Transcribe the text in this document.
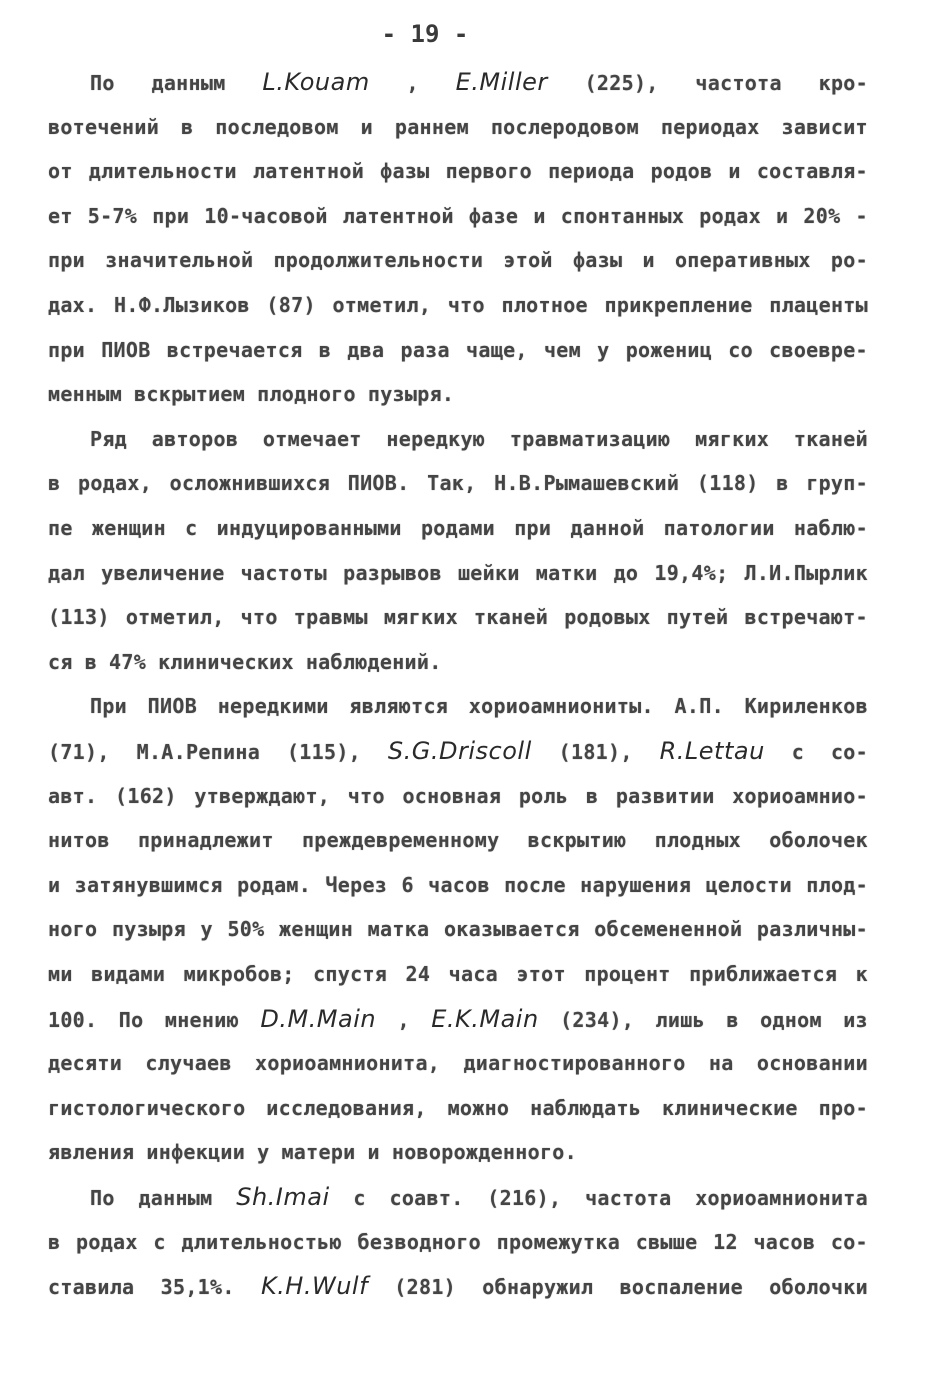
- 19 -
По данным L.Kouam , E.Miller (225), частота кро-
вотечений в последовом и раннем послеродовом периодах зависит
от длительности латентной фазы первого периода родов и составля-
ет 5-7% при 10-часовой латентной фазе и спонтанных родах и 20% -
при значительной продолжительности этой фазы и оперативных ро-
дах. Н.Ф.Лызиков (87) отметил, что плотное прикрепление плаценты
при ПИОВ встречается в два раза чаще, чем у рожениц со своевре-
менным вскрытием плодного пузыря.
Ряд авторов отмечает нередкую травматизацию мягких тканей
в родах, осложнившихся ПИОВ. Так, Н.В.Рымашевский (118) в груп-
пе женщин с индуцированными родами при данной патологии наблю-
дал увеличение частоты разрывов шейки матки до 19,4%; Л.И.Пырлик
(113) отметил, что травмы мягких тканей родовых путей встречают-
ся в 47% клинических наблюдений.
При ПИОВ нередкими являются хориоамниониты. А.П. Кириленков
(71), М.А.Репина (115), S.G.Driscoll (181), R.Lettau с со-
авт. (162) утверждают, что основная роль в развитии хориоамнио-
нитов принадлежит преждевременному вскрытию плодных оболочек
и затянувшимся родам. Через 6 часов после нарушения целости плод-
ного пузыря у 50% женщин матка оказывается обсемененной различны-
ми видами микробов; спустя 24 часа этот процент приближается к
100. По мнению D.M.Main , E.K.Main (234), лишь в одном из
десяти случаев хориоамнионита, диагностированного на основании
гистологического исследования, можно наблюдать клинические про-
явления инфекции у матери и новорожденного.
По данным Sh.Imai с соавт. (216), частота хориоамнионита
в родах с длительностью безводного промежутка свыше 12 часов со-
ставила 35,1%. K.H.Wulf (281) обнаружил воспаление оболочки
